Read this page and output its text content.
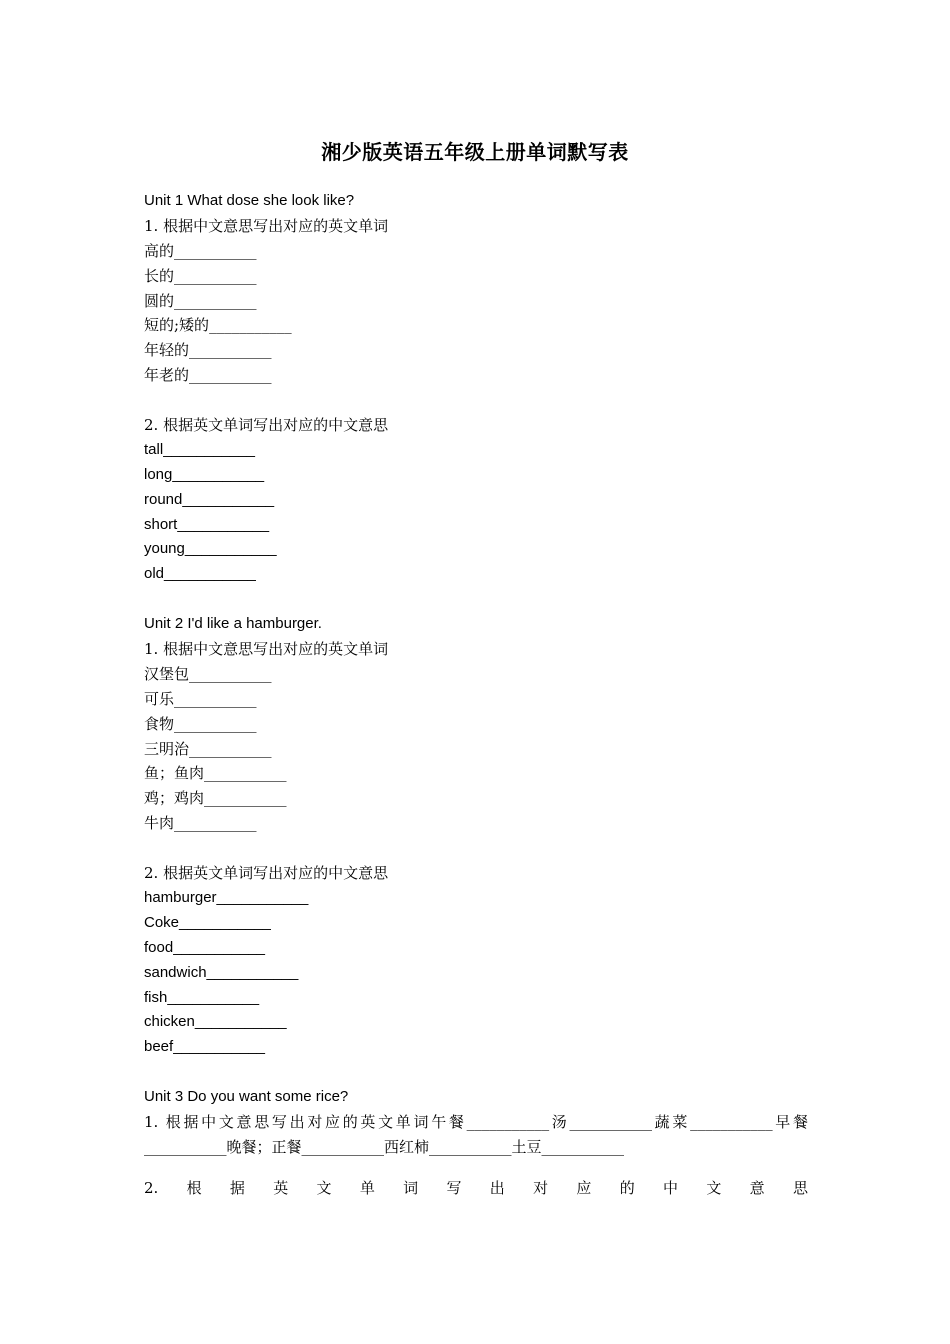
湘少版英语五年级上册单词默写表
Unit 1 What dose she look like?
1. 根据中文意思写出对应的英文单词
高的___________
长的___________
圆的___________
短的;矮的___________
年轻的___________
年老的___________
2. 根据英文单词写出对应的中文意思
tall___________
long___________
round___________
short___________
young___________
old___________
Unit 2 I'd like a hamburger.
1. 根据中文意思写出对应的英文单词
汉堡包___________
可乐___________
食物___________
三明治___________
鱼；鱼肉___________
鸡；鸡肉___________
牛肉___________
2. 根据英文单词写出对应的中文意思
hamburger___________
Coke___________
food___________
sandwich___________
fish___________
chicken___________
beef___________
Unit 3 Do you want some rice?
1. 根据中文意思写出对应的英文单词午餐___________汤___________蔬菜___________早餐 ___________晚餐；正餐___________西红柿___________土豆___________
2. 根 据 英 文 单 词 写 出 对 应 的 中 文 意 思
